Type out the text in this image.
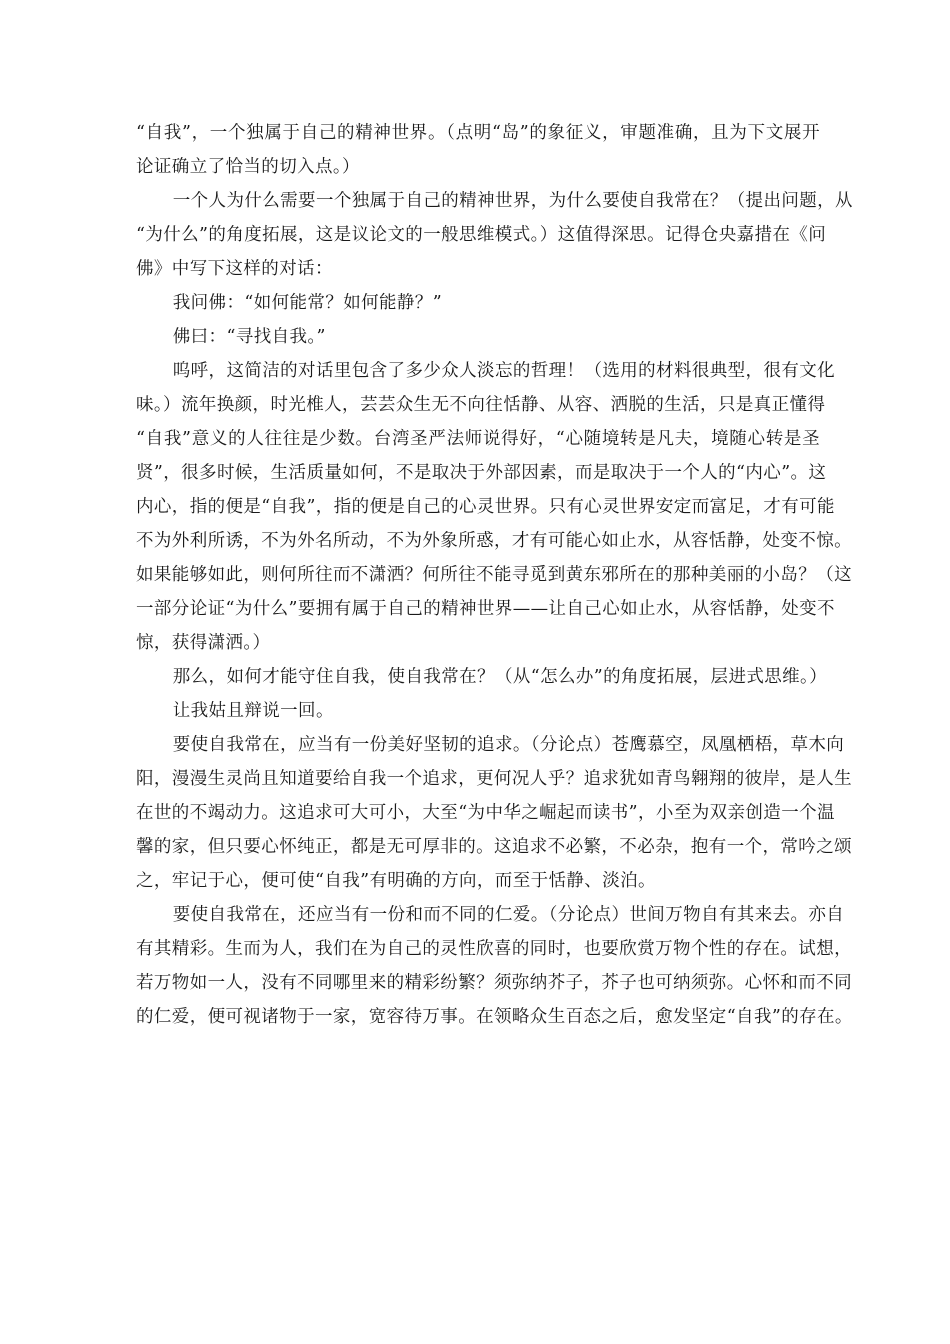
“自我”，一个独属于自己的精神世界。（点明“岛”的象征义，审题准确，且为下文展开
论证确立了恰当的切入点。）

一个人为什么需要一个独属于自己的精神世界，为什么要使自我常在？（提出问题，从
“为什么”的角度拓展，这是议论文的一般思维模式。）这值得深思。记得仓央嘉措在《问
佛》中写下这样的对话：

我问佛：“如何能常？如何能静？”

佛曰：“寻找自我。”

呜呼，这简洁的对话里包含了多少众人淡忘的哲理！（选用的材料很典型，很有文化
味。）流年换颜，时光椎人，芸芸众生无不向往恬静、从容、洒脱的生活，只是真正懂得
“自我”意义的人往往是少数。台湾圣严法师说得好，“心随境转是凡夫，境随心转是圣
贤”，很多时候，生活质量如何，不是取决于外部因素，而是取决于一个人的“内心”。这
内心，指的便是“自我”，指的便是自己的心灵世界。只有心灵世界安定而富足，才有可能
不为外利所诱，不为外名所动，不为外象所惑，才有可能心如止水，从容恬静，处变不惊。
如果能够如此，则何所往而不潇洒？何所往不能寻觅到黄东邪所在的那种美丽的小岛？（这
一部分论证“为什么”要拥有属于自己的精神世界——让自己心如止水，从容恬静，处变不
惊，获得潇洒。）

那么，如何才能守住自我，使自我常在？（从“怎么办”的角度拓展，层进式思维。）

让我姑且辩说一回。

要使自我常在，应当有一份美好坚韧的追求。（分论点）苍鹰慕空，凤凰栖梧，草木向
阳，漫漫生灵尚且知道要给自我一个追求，更何况人乎？追求犹如青鸟翱翔的彼岸，是人生
在世的不竭动力。这追求可大可小，大至“为中华之崛起而读书”，小至为双亲创造一个温
馨的家，但只要心怀纯正，都是无可厚非的。这追求不必繁，不必杂，抱有一个，常吟之颂
之，牢记于心，便可使“自我”有明确的方向，而至于恬静、淡泊。

要使自我常在，还应当有一份和而不同的仁爱。（分论点）世间万物自有其来去。亦自
有其精彩。生而为人，我们在为自己的灵性欣喜的同时，也要欣赏万物个性的存在。试想，
若万物如一人，没有不同哪里来的精彩纷繁？须弥纳芥子，芥子也可纳须弥。心怀和而不同
的仁爱，便可视诸物于一家，宽容待万事。在领略众生百态之后，愈发坚定“自我”的存在。
